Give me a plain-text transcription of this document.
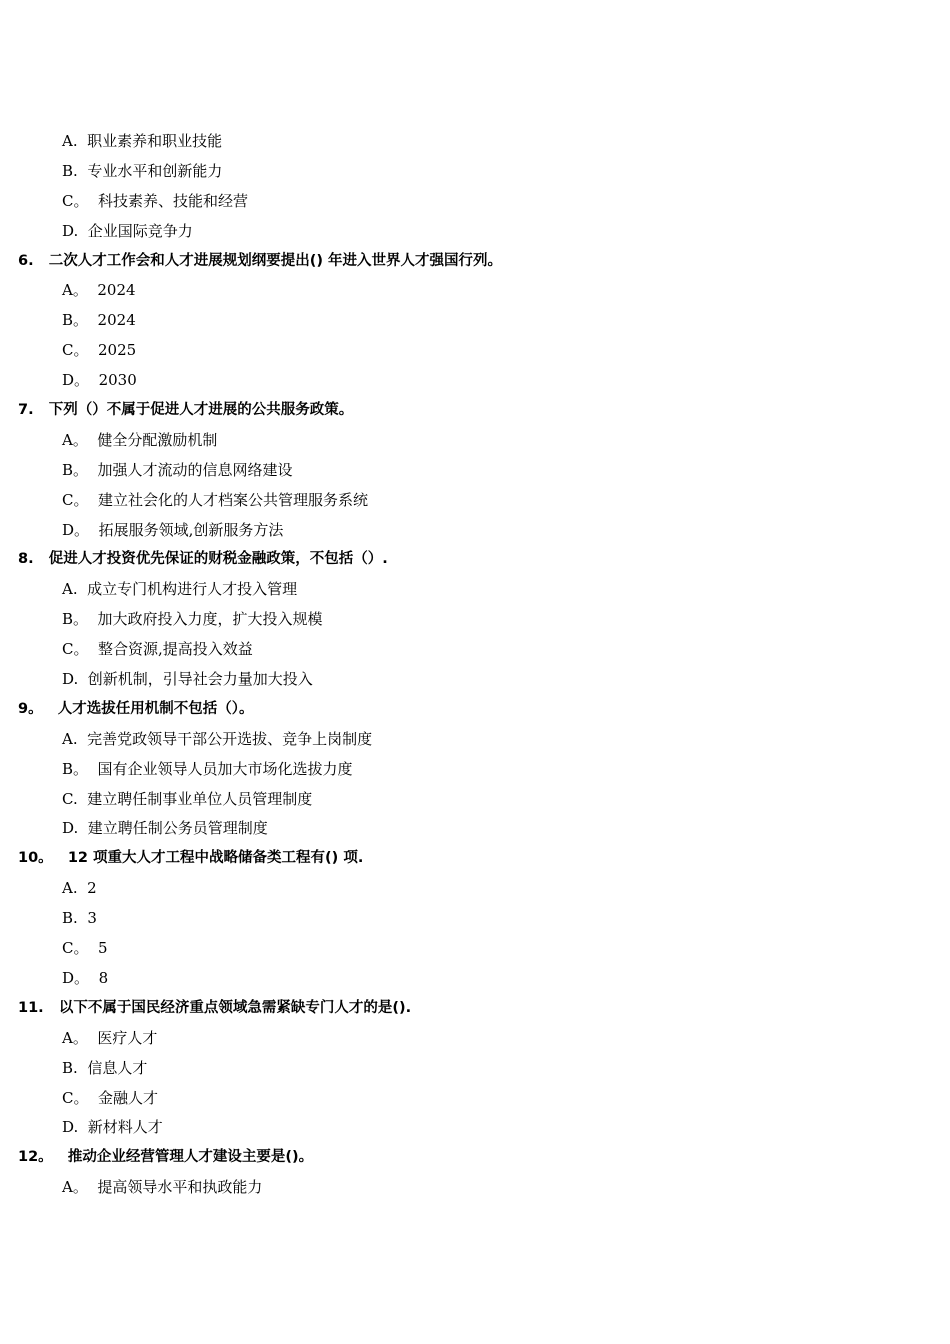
A.  职业素养和职业技能
B.  专业水平和创新能力
C。  科技素养、技能和经营
D.  企业国际竞争力
6.   二次人才工作会和人才进展规划纲要提出() 年进入世界人才强国行列。
A。  2024
B。  2024
C。  2025
D。  2030
7.   下列（）不属于促进人才进展的公共服务政策。
A。  健全分配激励机制
B。  加强人才流动的信息网络建设
C。  建立社会化的人才档案公共管理服务系统
D。  拓展服务领域,创新服务方法
8.   促进人才投资优先保证的财税金融政策，不包括（）.
A.  成立专门机构进行人才投入管理
B。  加大政府投入力度，扩大投入规模
C。  整合资源,提高投入效益
D.  创新机制，引导社会力量加大投入
9。   人才选拔任用机制不包括（）。
A.  完善党政领导干部公开选拔、竞争上岗制度
B。  国有企业领导人员加大市场化选拔力度
C.  建立聘任制事业单位人员管理制度
D.  建立聘任制公务员管理制度
10。   12 项重大人才工程中战略储备类工程有() 项.
A.  2
B.  3
C。  5
D。  8
11.   以下不属于国民经济重点领域急需紧缺专门人才的是().
A。  医疗人才
B.  信息人才
C。  金融人才
D.  新材料人才
12。   推动企业经营管理人才建设主要是()。
A。  提高领导水平和执政能力
